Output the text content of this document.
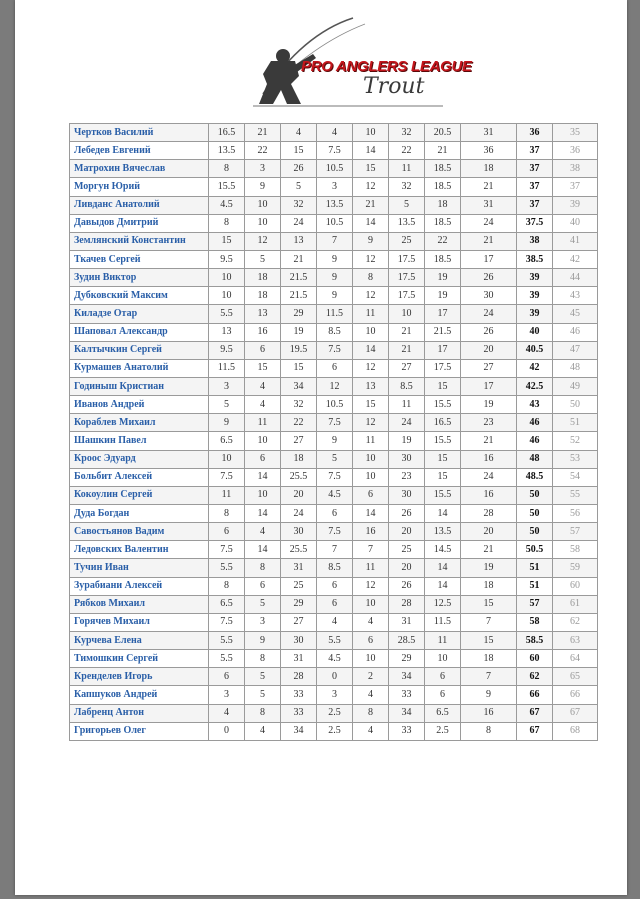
PRO ANGLERS LEAGUE
Trout
Чертков Василий	16.5	21	4	4	10	32	20.5	31	36	35
Лебедев Евгений	13.5	22	15	7.5	14	22	21	36	37	36
Матрохин Вячеслав	8	3	26	10.5	15	11	18.5	18	37	38
Моргун Юрий	15.5	9	5	3	12	32	18.5	21	37	37
Ливданс Анатолий	4.5	10	32	13.5	21	5	18	31	37	39
Давыдов Дмитрий	8	10	24	10.5	14	13.5	18.5	24	37.5	40
Землянский Константин	15	12	13	7	9	25	22	21	38	41
Ткачев Сергей	9.5	5	21	9	12	17.5	18.5	17	38.5	42
Зудин Виктор	10	18	21.5	9	8	17.5	19	26	39	44
Дубковский Максим	10	18	21.5	9	12	17.5	19	30	39	43
Киладзе Отар	5.5	13	29	11.5	11	10	17	24	39	45
Шаповал Александр	13	16	19	8.5	10	21	21.5	26	40	46
Калтычкин Сергей	9.5	6	19.5	7.5	14	21	17	20	40.5	47
Курмашев Анатолий	11.5	15	15	6	12	27	17.5	27	42	48
Годиныш Кристиан	3	4	34	12	13	8.5	15	17	42.5	49
Иванов Андрей	5	4	32	10.5	15	11	15.5	19	43	50
Кораблев Михаил	9	11	22	7.5	12	24	16.5	23	46	51
Шашкин Павел	6.5	10	27	9	11	19	15.5	21	46	52
Кроос Эдуард	10	6	18	5	10	30	15	16	48	53
Больбит Алексей	7.5	14	25.5	7.5	10	23	15	24	48.5	54
Кокоулин Сергей	11	10	20	4.5	6	30	15.5	16	50	55
Дуда Богдан	8	14	24	6	14	26	14	28	50	56
Савостьянов Вадим	6	4	30	7.5	16	20	13.5	20	50	57
Ледовских Валентин	7.5	14	25.5	7	7	25	14.5	21	50.5	58
Тучин Иван	5.5	8	31	8.5	11	20	14	19	51	59
Зурабиани Алексей	8	6	25	6	12	26	14	18	51	60
Рябков Михаил	6.5	5	29	6	10	28	12.5	15	57	61
Горячев Михаил	7.5	3	27	4	4	31	11.5	7	58	62
Курчева Елена	5.5	9	30	5.5	6	28.5	11	15	58.5	63
Тимошкин Сергей	5.5	8	31	4.5	10	29	10	18	60	64
Кренделев Игорь	6	5	28	0	2	34	6	7	62	65
Капшуков Андрей	3	5	33	3	4	33	6	9	66	66
Лабренц Антон	4	8	33	2.5	8	34	6.5	16	67	67
Григорьев Олег	0	4	34	2.5	4	33	2.5	8	67	68
